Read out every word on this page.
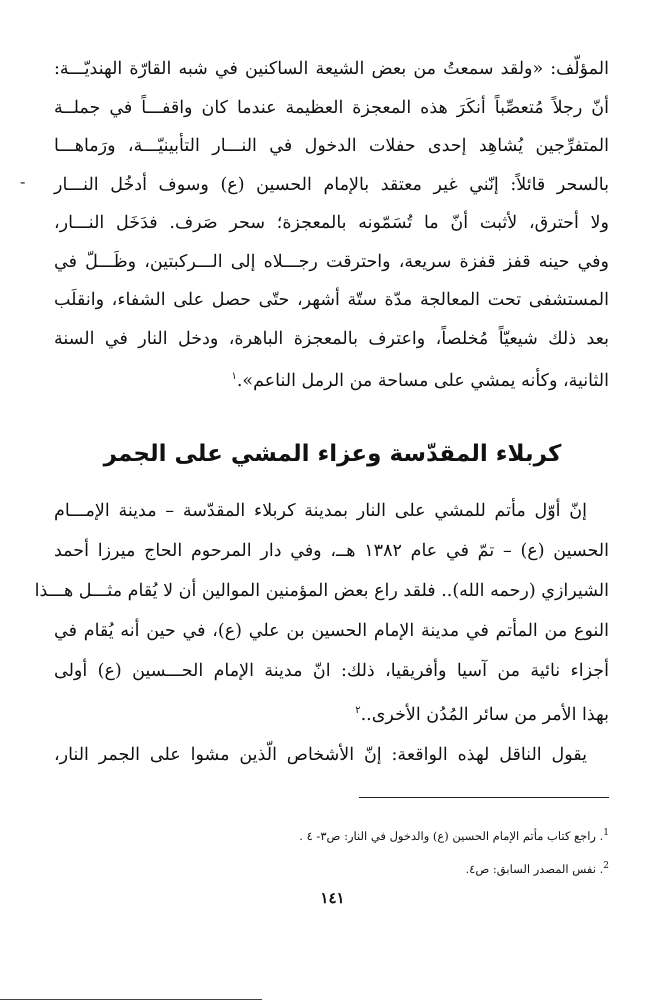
المؤلّف: «ولقد سمعتُ من بعض الشيعة الساكنين في شبه القارّة الهنديّـــة:
أنّ رجلاً مُتعصِّباً أنكَرَ هذه المعجزة العظيمة عندما كان واقفـــاً في جملــة
المتفرِّجين يُشاهِد إحدى حفلات الدخول في النـــار التأبينيّـــة، ورَماهـــا
بالسحر قائلاً: إنّني غير معتقد بالإمام الحسين (ع) وسوف أدخُل النـــار
ولا أحترق، لأثبت أنّ ما تُسَمّونه بالمعجزة؛ سحر صَرف. فدَخَل النـــار،
وفي حينه قفز قفزة سريعة، واحترقت رجـــلاه إلى الـــركبتين، وظَـــلّ في
المستشفى تحت المعالجة مدّة ستّة أشهر، حتّى حصل على الشفاء، وانقلَب
بعد ذلك شيعيّاً مُخلصاً، واعترف بالمعجزة الباهرة، ودخل النار في السنة
الثانية، وكأنه يمشي على مساحة من الرمل الناعم».$^١$
-
كربلاء المقدّسة وعزاء المشي على الجمر
إنّ أوّل مأتم للمشي على النار بمدينة كربلاء المقدّسة – مدينة الإمـــام
الحسين (ع) – تمّ في عام ١٣٨٢ هــ، وفي دار المرحوم الحاج ميرزا أحمد
الشيرازي (رحمه الله).. فلقد راع بعض المؤمنين الموالين أن لا يُقام مثـــل هـــذا
النوع من المأتم في مدينة الإمام الحسين بن علي (ع)، في حين أنه يُقام في
أجزاء نائية من آسيا وأفريقيا، ذلك: انّ مدينة الإمام الحـــسين (ع) أولى
بهذا الأمر من سائر المُدُن الأخرى..$^٢$
يقول الناقل لهذه الواقعة: إنّ الأشخاص الّذين مشوا على الجمر النار،
$^1$. راجع كتاب مأتم الإمام الحسين (ع) والدخول في النار: ص٣- ٤ .
$^2$. نفس المصدر السابق: ص٤.
١٤١
